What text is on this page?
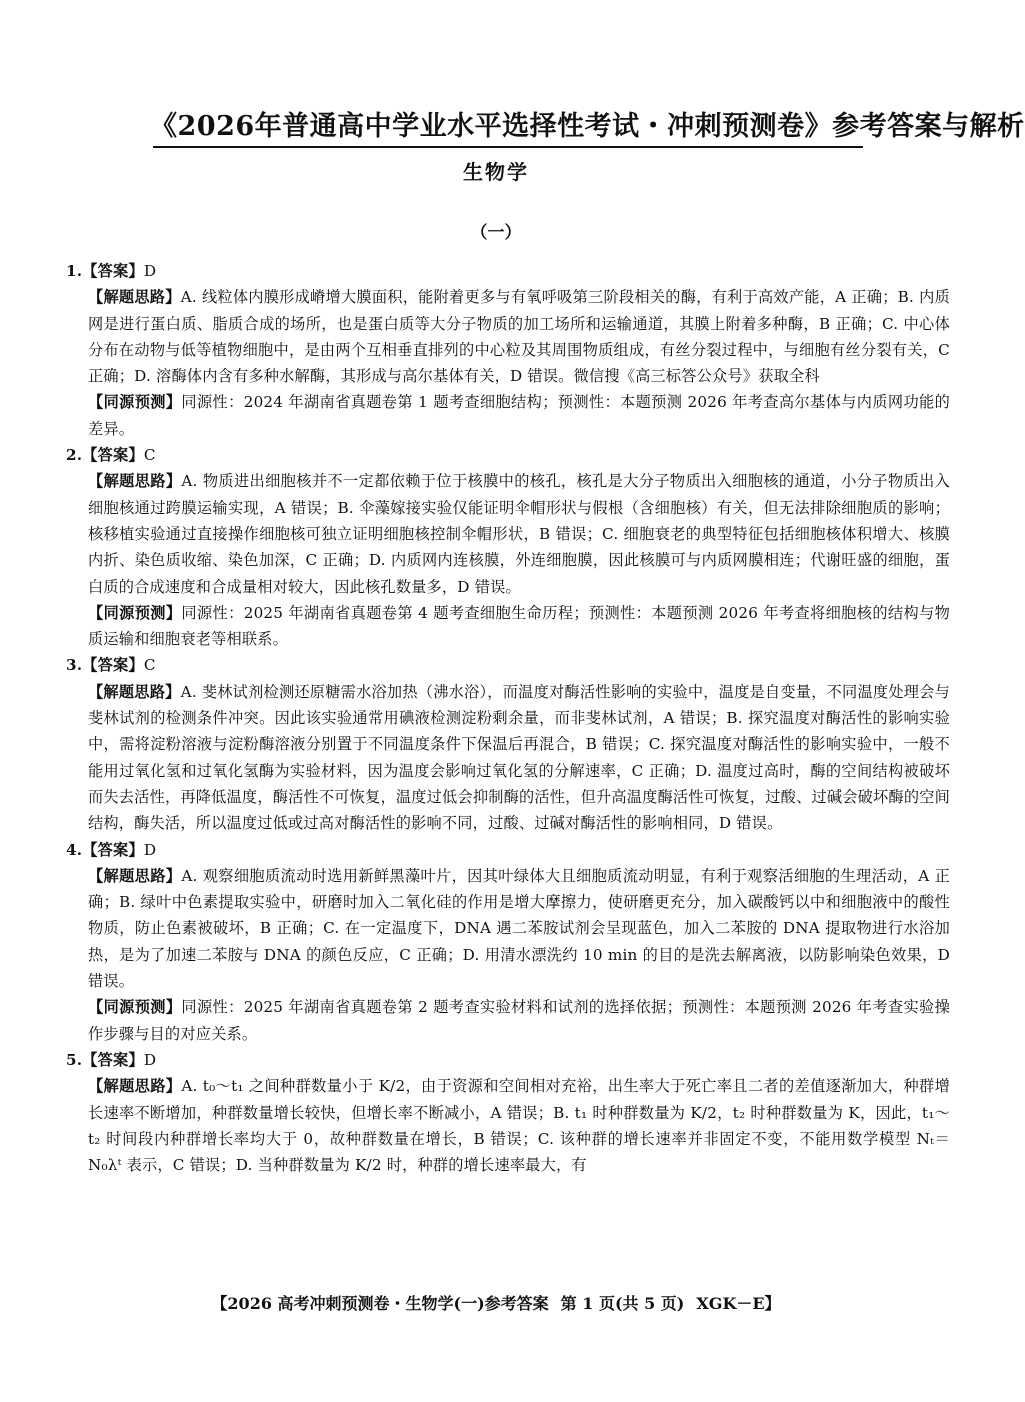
《2026年普通高中学业水平选择性考试・冲刺预测卷》参考答案与解析
生物学
（一）
1.【答案】D

【解题思路】A. 线粒体内膜形成嵴增大膜面积，能附着更多与有氧呼吸第三阶段相关的酶，有利于高效产能，A 正确；B. 内质网是进行蛋白质、脂质合成的场所，也是蛋白质等大分子物质的加工场所和运输通道，其膜上附着多种酶，B 正确；C. 中心体分布在动物与低等植物细胞中，是由两个互相垂直排列的中心粒及其周围物质组成，有丝分裂过程中，与细胞有丝分裂有关，C 正确；D. 溶酶体内含有多种水解酶，其形成与高尔基体有关，D 错误。微信搜《高三标答公众号》获取全科

【同源预测】同源性：2024 年湖南省真题卷第 1 题考查细胞结构；预测性：本题预测 2026 年考查高尔基体与内质网功能的差异。

2.【答案】C

【解题思路】A. 物质进出细胞核并不一定都依赖于位于核膜中的核孔，核孔是大分子物质出入细胞核的通道，小分子物质出入细胞核通过跨膜运输实现，A 错误；B. 伞藻嫁接实验仅能证明伞帽形状与假根（含细胞核）有关，但无法排除细胞质的影响；核移植实验通过直接操作细胞核可独立证明细胞核控制伞帽形状，B 错误；C. 细胞衰老的典型特征包括细胞核体积增大、核膜内折、染色质收缩、染色加深，C 正确；D. 内质网内连核膜，外连细胞膜，因此核膜可与内质网膜相连；代谢旺盛的细胞，蛋白质的合成速度和合成量相对较大，因此核孔数量多，D 错误。

【同源预测】同源性：2025 年湖南省真题卷第 4 题考查细胞生命历程；预测性：本题预测 2026 年考查将细胞核的结构与物质运输和细胞衰老等相联系。

3.【答案】C

【解题思路】A. 斐林试剂检测还原糖需水浴加热（沸水浴），而温度对酶活性影响的实验中，温度是自变量，不同温度处理会与斐林试剂的检测条件冲突。因此该实验通常用碘液检测淀粉剩余量，而非斐林试剂，A 错误；B. 探究温度对酶活性的影响实验中，需将淀粉溶液与淀粉酶溶液分别置于不同温度条件下保温后再混合，B 错误；C. 探究温度对酶活性的影响实验中，一般不能用过氧化氢和过氧化氢酶为实验材料，因为温度会影响过氧化氢的分解速率，C 正确；D. 温度过高时，酶的空间结构被破坏而失去活性，再降低温度，酶活性不可恢复，温度过低会抑制酶的活性，但升高温度酶活性可恢复，过酸、过碱会破坏酶的空间结构，酶失活，所以温度过低或过高对酶活性的影响不同，过酸、过碱对酶活性的影响相同，D 错误。

4.【答案】D

【解题思路】A. 观察细胞质流动时选用新鲜黑藻叶片，因其叶绿体大且细胞质流动明显，有利于观察活细胞的生理活动，A 正确；B. 绿叶中色素提取实验中，研磨时加入二氧化硅的作用是增大摩擦力，使研磨更充分，加入碳酸钙以中和细胞液中的酸性物质，防止色素被破坏，B 正确；C. 在一定温度下，DNA 遇二苯胺试剂会呈现蓝色，加入二苯胺的 DNA 提取物进行水浴加热，是为了加速二苯胺与 DNA 的颜色反应，C 正确；D. 用清水漂洗约 10 min 的目的是洗去解离液，以防影响染色效果，D 错误。

【同源预测】同源性：2025 年湖南省真题卷第 2 题考查实验材料和试剂的选择依据；预测性：本题预测 2026 年考查实验操作步骤与目的对应关系。

5.【答案】D

【解题思路】A. t₀～t₁ 之间种群数量小于 K/2，由于资源和空间相对充裕，出生率大于死亡率且二者的差值逐渐加大，种群增长速率不断增加，种群数量增长较快，但增长率不断减小，A 错误；B. t₁ 时种群数量为 K/2，t₂ 时种群数量为 K，因此，t₁～t₂ 时间段内种群增长率均大于 0，故种群数量在增长，B 错误；C. 该种群的增长速率并非固定不变，不能用数学模型 Nₜ＝N₀λᵗ 表示，C 错误；D. 当种群数量为 K/2 时，种群的增长速率最大，有

【2026 高考冲刺预测卷・生物学(一)参考答案 第 1 页(共 5 页) XGK－E】
